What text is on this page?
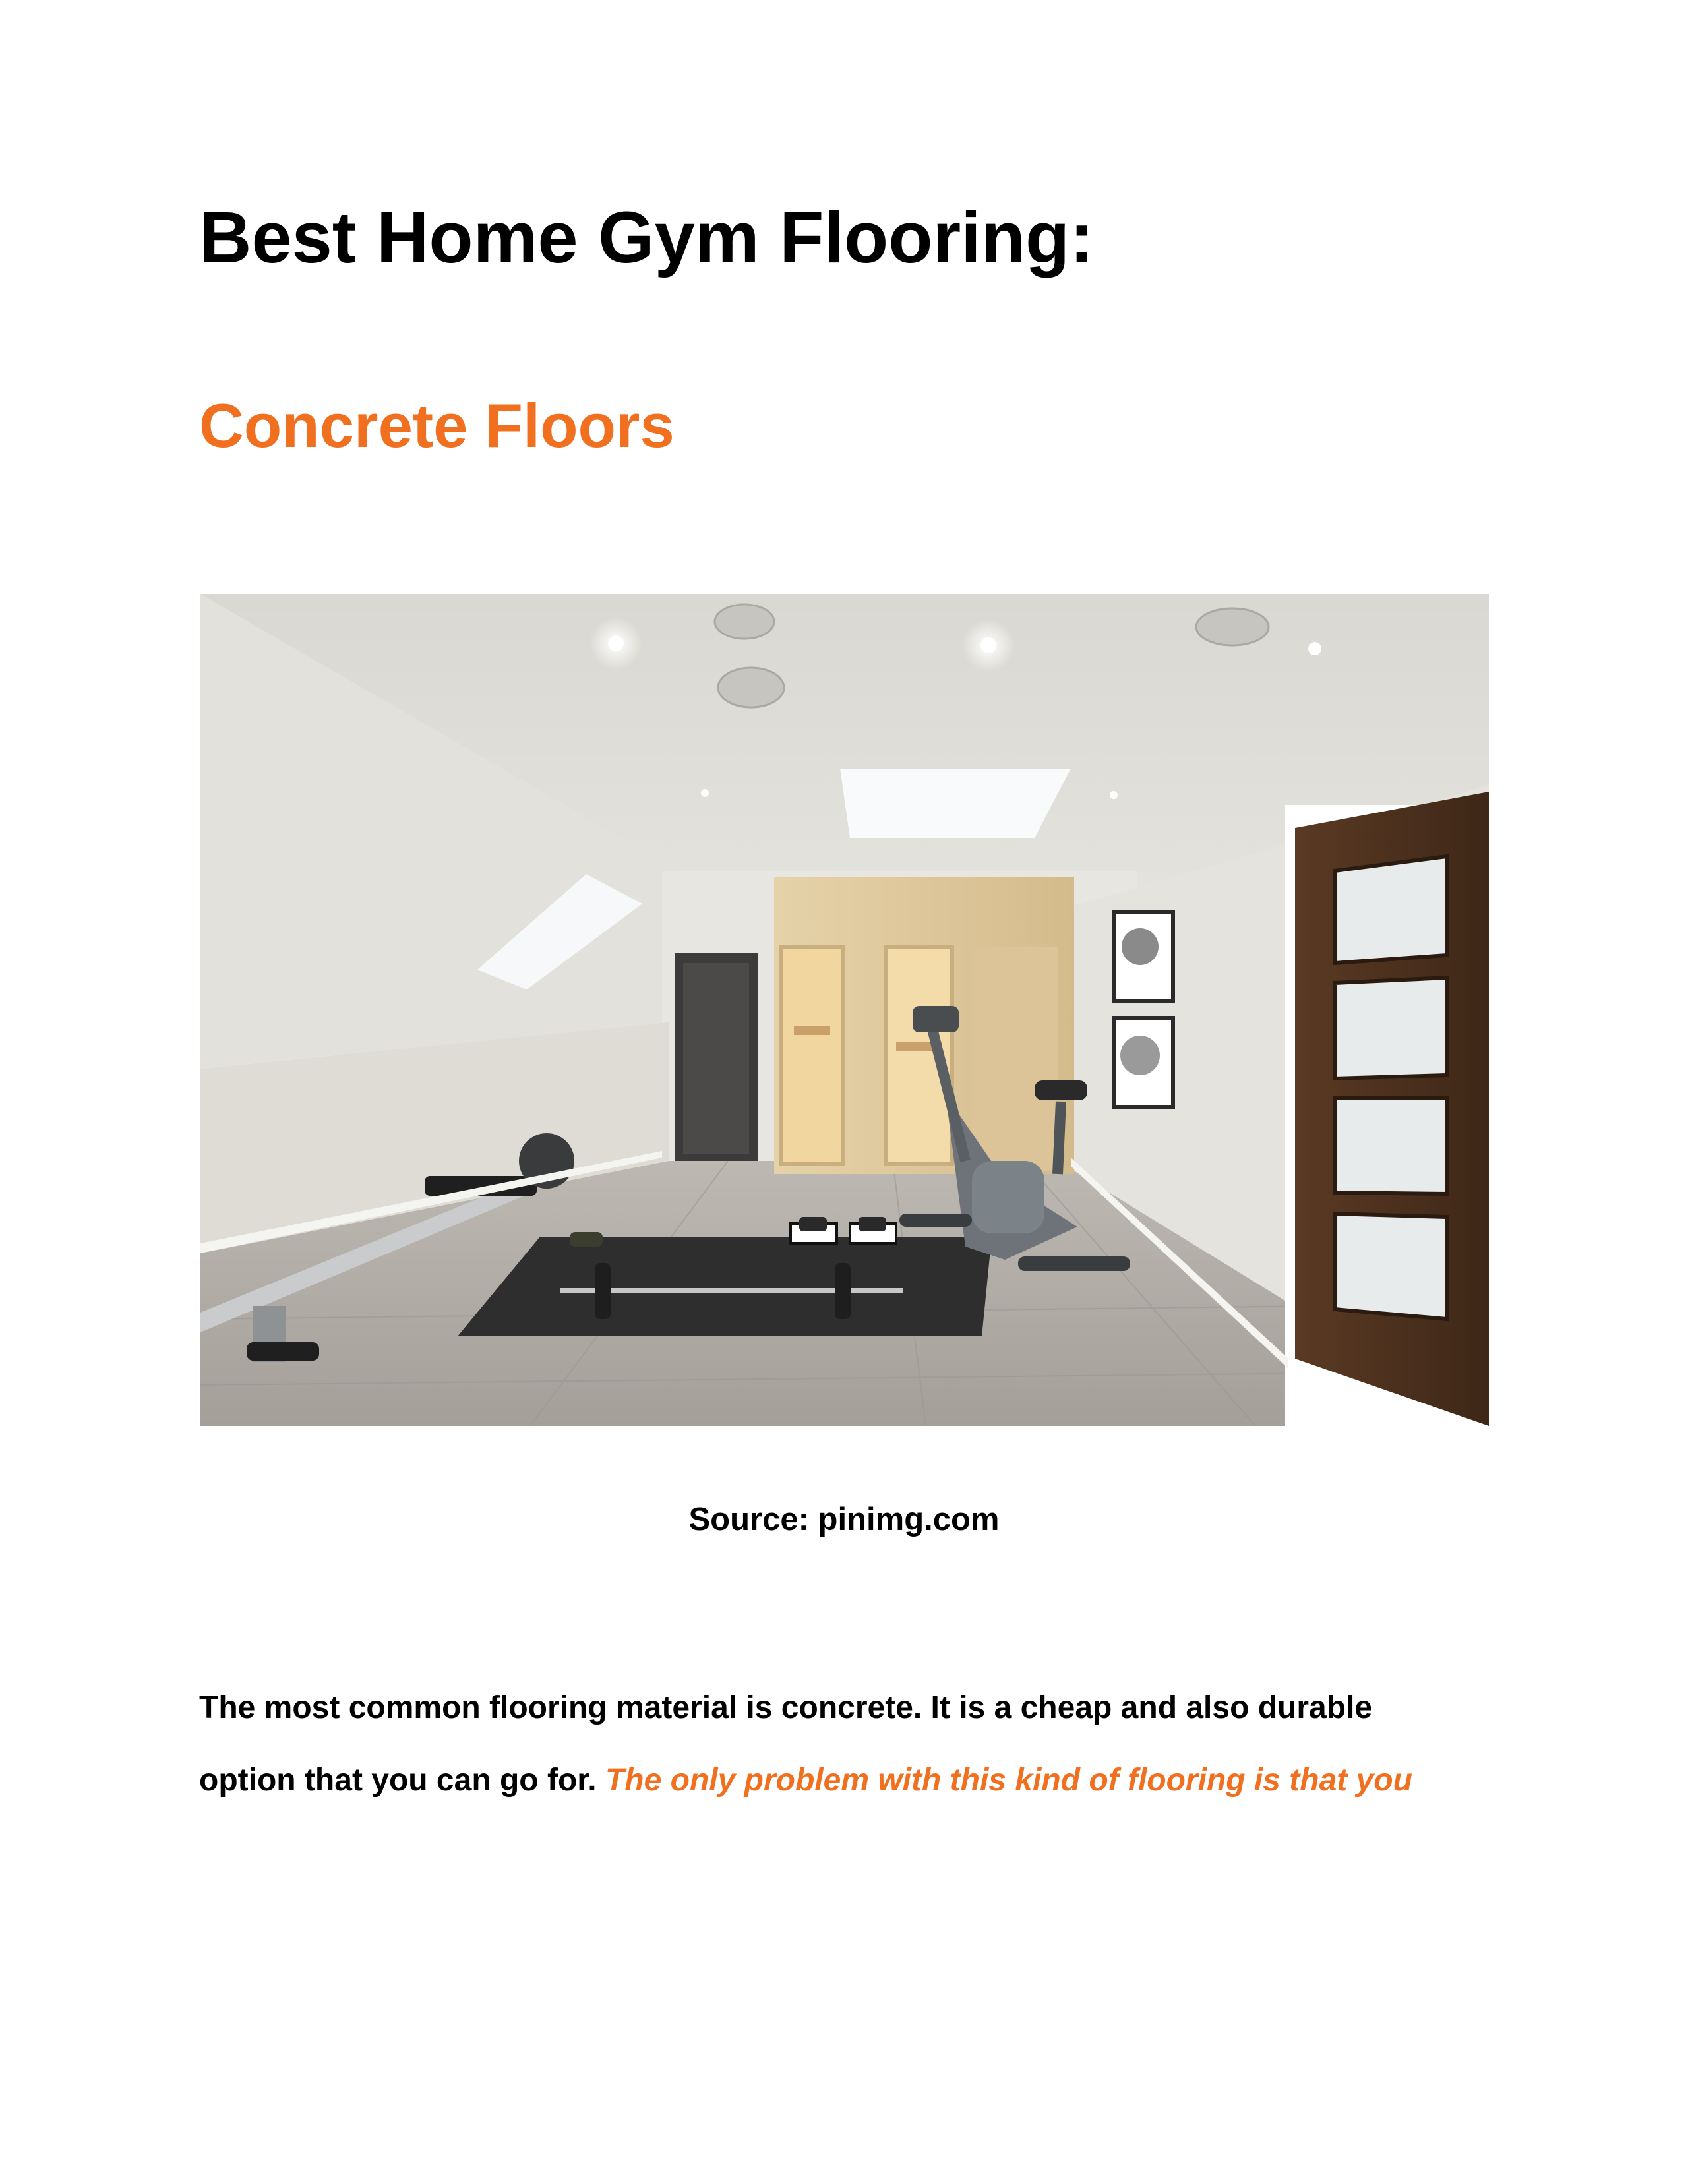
Best Home Gym Flooring:
Concrete Floors

Source: pinimg.com

The most common flooring material is concrete. It is a cheap and also durable
option that you can go for. The only problem with this kind of flooring is that you
